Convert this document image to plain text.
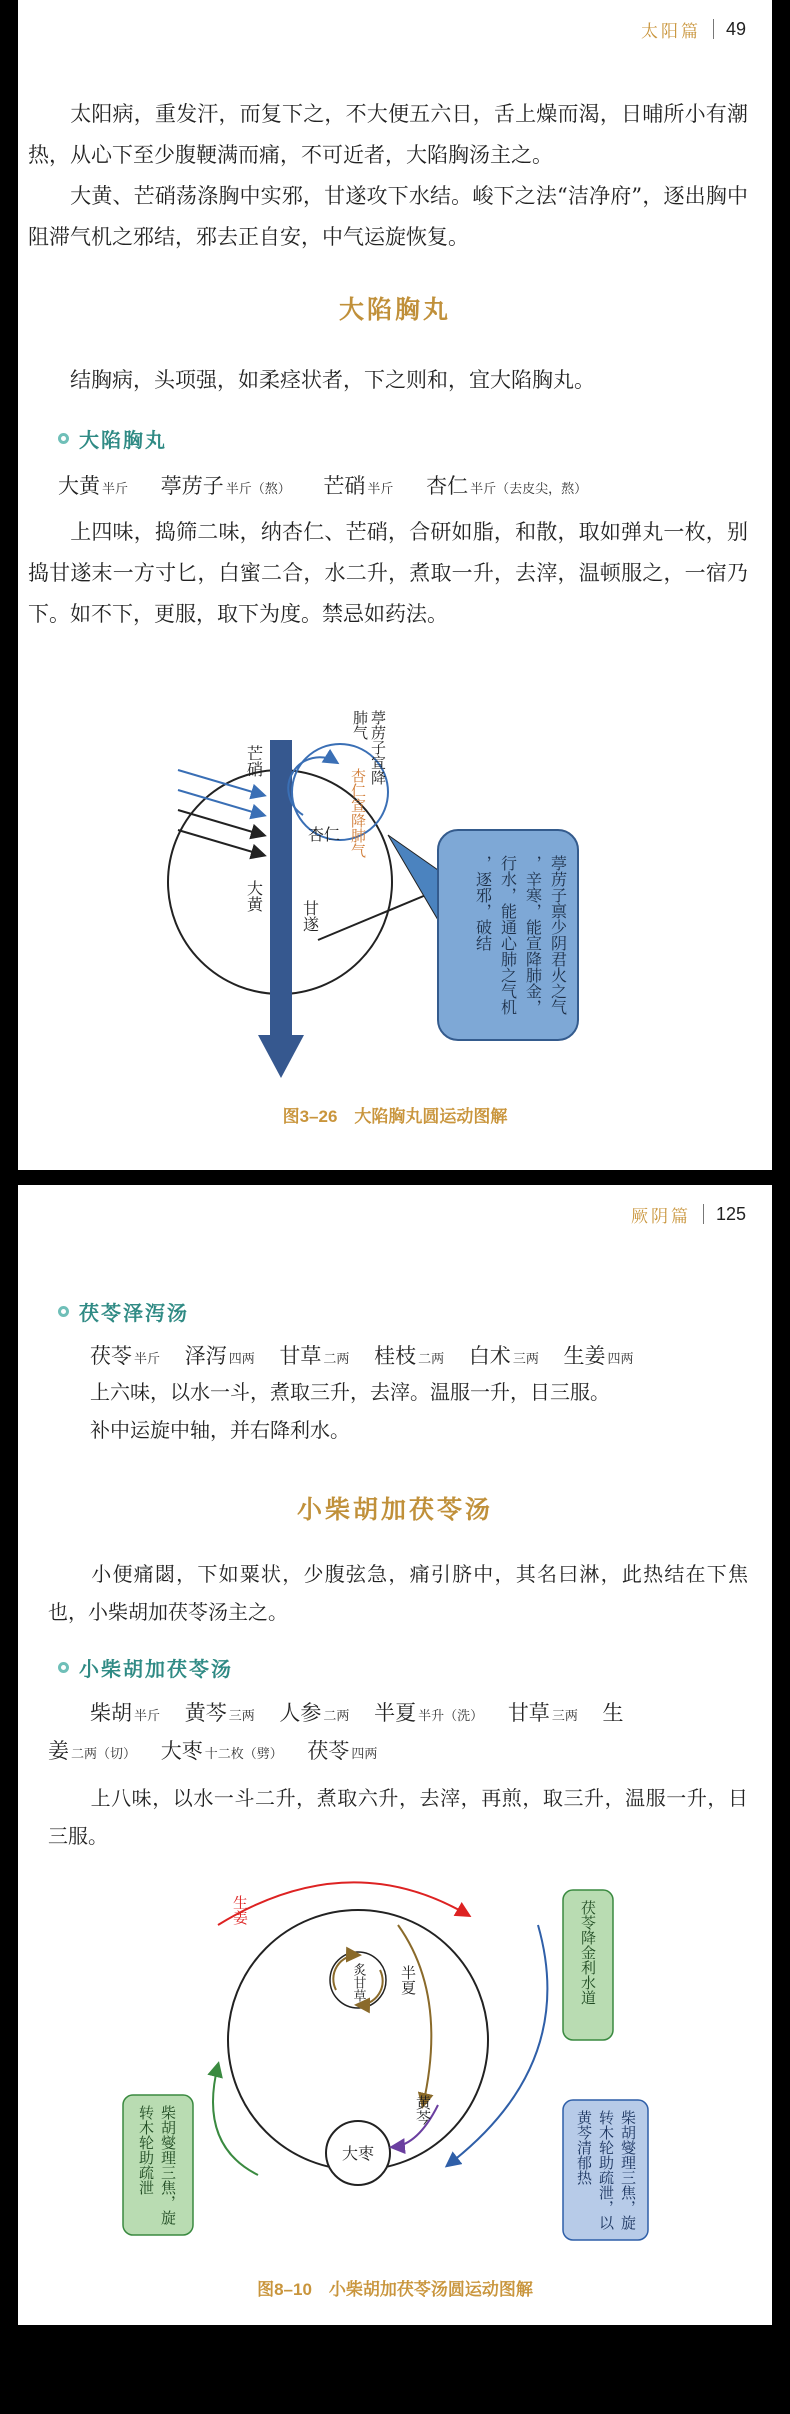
太阳篇 49

太阳病，重发汗，而复下之，不大便五六日，舌上燥而渴，日晡所小有潮热，从心下至少腹鞕满而痛，不可近者，大陷胸汤主之。

大黄、芒硝荡涤胸中实邪，甘遂攻下水结。峻下之法“洁净府”，逐出胸中阻滞气机之邪结，邪去正自安，中气运旋恢复。

大陷胸丸

结胸病，头项强，如柔痉状者，下之则和，宜大陷胸丸。

大陷胸丸
大黄 半斤 葶苈子 半斤（熬） 芒硝 半斤 杏仁 半斤（去皮尖，熬）

上四味，捣筛二味，纳杏仁、芒硝，合研如脂，和散，取如弹丸一枚，别捣甘遂末一方寸匕，白蜜二合，水二升，煮取一升，去滓，温顿服之，一宿乃下。如不下，更服，取下为度。禁忌如药法。

葶苈子宣降
肺气
芒硝
杏仁 杏仁宣降肺气
大黄
甘遂	葶苈子禀少阴君火之气
，辛寒，能宣降肺金，
行水，能通心肺之气机
，逐邪，破结
图3–26　大陷胸丸圆运动图解
厥阴篇 125
茯苓泽泻汤
茯苓 半斤 泽泻 四两 甘草 二两 桂枝 二两 白术 三两 生姜 四两

上六味，以水一斗，煮取三升，去滓。温服一升，日三服。

补中运旋中轴，并右降利水。

小柴胡加茯苓汤

小便痛閟，下如粟状，少腹弦急，痛引脐中，其名曰淋，此热结在下焦也，小柴胡加茯苓汤主之。

小柴胡加茯苓汤
柴胡 半斤 黄芩 三两 人参 二两 半夏 半升（洗） 甘草 三两 生
姜二两（切） 大枣 十二枚（劈） 茯苓 四两

上八味，以水一斗二升，煮取六升，去滓，再煎，取三升，温服一升，日三服。

生姜
半夏
炙甘草
黄芩
大枣
茯苓降金利水道
柴胡燮理三焦，旋
转木轮助疏泄	柴胡燮理三焦，旋
转木轮助疏泄，以
黄芩清郁热
图8–10　小柴胡加茯苓汤圆运动图解
